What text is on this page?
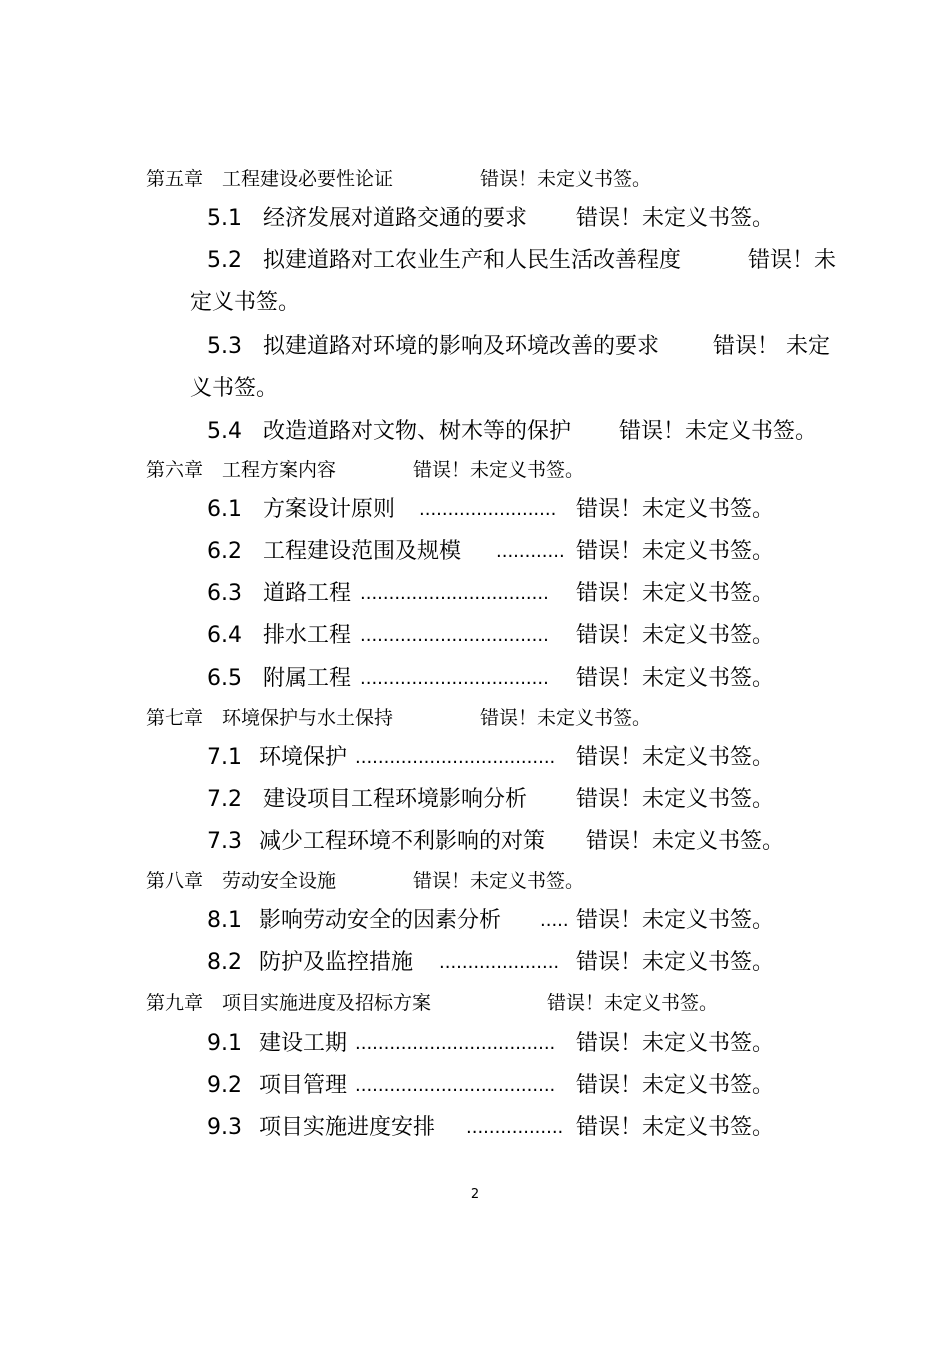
第五章　工程建设必要性论证	错误！未定义书签。
5.1 经济发展对道路交通的要求 错误！未定义书签。
5.2 拟建道路对工农业生产和人民生活改善程度	错误！未
定义书签。
5.3 拟建道路对环境的影响及环境改善的要求 错误！ 未定
义书签。
5.4 改造道路对文物、树木等的保护 错误！未定义书签。
第六章　工程方案内容	错误！未定义书签。
6.1 方案设计原则 ........................ 错误！未定义书签。
6.2 工程建设范围及规模 ............ 错误！未定义书签。
6.3 道路工程 ................................. 错误！未定义书签。
6.4 排水工程 ................................. 错误！未定义书签。
6.5 附属工程 ................................. 错误！未定义书签。
第七章　环境保护与水土保持	错误！未定义书签。
7.1 环境保护 ................................... 错误！未定义书签。
7.2 建设项目工程环境影响分析 错误！未定义书签。
7.3 减少工程环境不利影响的对策 错误！未定义书签。
第八章　劳动安全设施	错误！未定义书签。
8.1 影响劳动安全的因素分析 ..... 错误！未定义书签。
8.2 防护及监控措施 ..................... 错误！未定义书签。
第九章　项目实施进度及招标方案	错误！未定义书签。
9.1 建设工期 ................................... 错误！未定义书签。
9.2 项目管理 ................................... 错误！未定义书签。
9.3 项目实施进度安排 ................. 错误！未定义书签。
2
